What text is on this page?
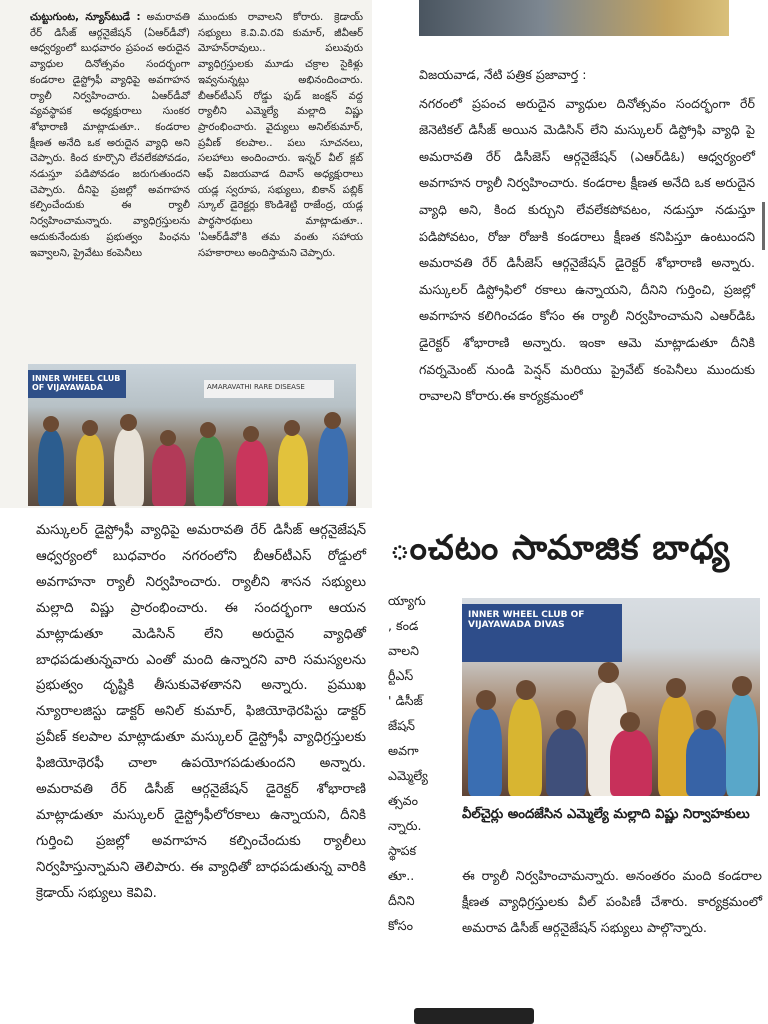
చుట్టుగుంట, న్యూస్‌టుడే : అమరావతి రేర్ డిసీజ్ ఆర్గనైజేషన్ (ఏఆర్‌డీవో) ఆధ్వర్యంలో బుధవారం ప్రపంచ అరుదైన వ్యాధుల దినోత్సవం సందర్భంగా కండరాల డైస్ట్రోఫీ వ్యాధిపై అవగాహన ర్యాలీ నిర్వహించారు. ఏఆర్‌డీవో వ్యవస్థాపక అధ్యక్షురాలు సుంకర శోభారాణి మాట్లాడుతూ.. కండరాల క్షీణత అనేది ఒక అరుదైన వ్యాధి అని చెప్పారు. కింద కూర్చొని లేవలేకపోవడం, నడుస్తూ పడిపోవడం జరుగుతుందని చెప్పారు. దీనిపై ప్రజల్లో అవగాహన కల్పించేందుకు ఈ ర్యాలీ నిర్వహించామన్నారు. వ్యాధిగ్రస్తులను ఆదుకునేందుకు ప్రభుత్వం పింఛను ఇవ్వాలని, ప్రైవేటు కంపెనీలు

ముందుకు రావాలని కోరారు. క్రెడాయ్ సభ్యులు కె.వి.వి.రవి కుమార్, జీవీఆర్ మోహన్‌రావులు.. పలువురు వ్యాధిగ్రస్తులకు మూడు చక్రాల సైకిళ్లు ఇవ్వనున్నట్లు అభినందించారు. బీఆర్‌టీఎస్ రోడ్డు ఫుడ్ జంక్షన్ వద్ద ర్యాలీని ఎమ్మెల్యే మల్లాది విష్ణు ప్రారంభించారు. వైద్యులు అనిల్‌కుమార్, ప్రవీణ్ కలపాల.. పలు సూచనలు, సలహాలు అందించారు. ఇన్నర్ వీల్ క్లబ్ ఆఫ్ విజయవాడ దివాస్ అధ్యక్షురాలు యడ్ల స్వరూప, సభ్యులు, బికాన్ పబ్లిక్ స్కూల్ డైరెక్టర్లు కొండిశెట్టి రాజేంద్ర, యడ్ల పార్థసారథులు మాట్లాడుతూ.. 'ఏఆర్‌డీవో'కి తమ వంతు సహాయ సహకారాలు అందిస్తామని చెప్పారు.

INNER WHEEL CLUB OF VIJAYAWADA	AMARAVATHI RARE DISEASE

విజయవాడ, నేటి పత్రిక ప్రజావార్త :

నగరంలో ప్రపంచ అరుదైన వ్యాధుల దినోత్సవం సందర్భంగా రేర్ జెనెటికల్ డిసీజ్ అయిన మెడిసిన్ లేని మస్కులర్ డిస్ట్రోఫి వ్యాధి పై అమరావతి రేర్ డిసీజెస్ ఆర్గనైజేషన్ (ఎఆర్‌డిఓ) ఆధ్వర్యంలో అవగాహన ర్యాలీ నిర్వహించారు. కండరాల క్షీణత అనేది ఒక అరుదైన వ్యాధి అని, కింద కుర్చుని లేవలేకపోవటం, నడుస్తూ నడుస్తూ పడిపోవటం, రోజు రోజుకి కండరాలు క్షీణత కనిపిస్తూ ఉంటుందని అమరావతి రేర్ డిసీజెస్ ఆర్గనైజేషన్ డైరెక్టర్ శోభారాణి అన్నారు. మస్కులర్ డిస్ట్రోఫిలో రకాలు ఉన్నాయని, దీనిని గుర్తించి, ప్రజల్లో అవగాహన కలిగించడం కోసం ఈ ర్యాలీ నిర్వహించామని ఎఆర్‌డిఓ డైరెక్టర్ శోభారాణి అన్నారు. ఇంకా ఆమె మాట్లాడుతూ దీనికి గవర్నమెంట్ నుండి పెన్షన్ మరియు ప్రైవేట్ కంపెనీలు ముందుకు రావాలని కోరారు.ఈ కార్యక్రమంలో

మస్కులర్ డైస్ట్రోఫీ వ్యాధిపై అమరావతి రేర్ డిసీజ్ ఆర్గనైజేషన్ ఆధ్వర్యంలో బుధవారం నగరంలోని బీఆర్‌టీఎస్ రోడ్డులో అవగాహనా ర్యాలీ నిర్వహించారు. ర్యాలీని శాసన సభ్యులు మల్లాది విష్ణు ప్రారంభించారు. ఈ సందర్భంగా ఆయన మాట్లాడుతూ మెడిసిన్ లేని అరుదైన వ్యాధితో బాధపడుతున్నవారు ఎంతో మంది ఉన్నారని వారి సమస్యలను ప్రభుత్వం దృష్టికి తీసుకువెళతానని అన్నారు. ప్రముఖ న్యూరాలజిస్టు డాక్టర్ అనిల్ కుమార్, ఫిజియోథెరపిస్టు డాక్టర్ ప్రవీణ్ కలపాల మాట్లాడుతూ మస్కులర్ డైస్ట్రోఫీ వ్యాధిగ్రస్తులకు ఫిజియోథెరఫీ చాలా ఉపయోగపడుతుందని అన్నారు. అమరావతి రేర్ డిసీజ్ ఆర్గనైజేషన్ డైరెక్టర్ శోభారాణి మాట్లాడుతూ మస్కులర్ డైస్ట్రోఫీలోరకాలు ఉన్నాయని, దీనికి గుర్తించి ప్రజల్లో అవగాహన కల్పించేందుకు ర్యాలీలు నిర్వహిస్తున్నామని తెలిపారు. ఈ వ్యాధితో బాధపడుతున్న వారికి క్రెడాయ్ సభ్యులు కెవివి.

ంచటం సామాజిక బాధ్య
య్యాగు
, కండ
వాలని
ర్టీఎస్
' డిసీజ్
జేషన్
అవగా
ఎమ్మెల్యే
త్సవం
న్నారు.
స్థాపక
తూ..
దీనిని
కోసం
INNER WHEEL CLUB OF VIJAYAWADA DIVAS
వీల్‌చైర్లు అందజేసిన ఎమ్మెల్యే మల్లాది విష్ణు నిర్వాహకులు

ఈ ర్యాలీ నిర్వహించామన్నారు. అనంతరం మంది కండరాల క్షీణత వ్యాధిగ్రస్తులకు వీల్ పంపిణీ చేశారు. కార్యక్రమంలో అమరావ డిసీజ్ ఆర్గనైజేషన్ సభ్యులు పాల్గొన్నారు.
